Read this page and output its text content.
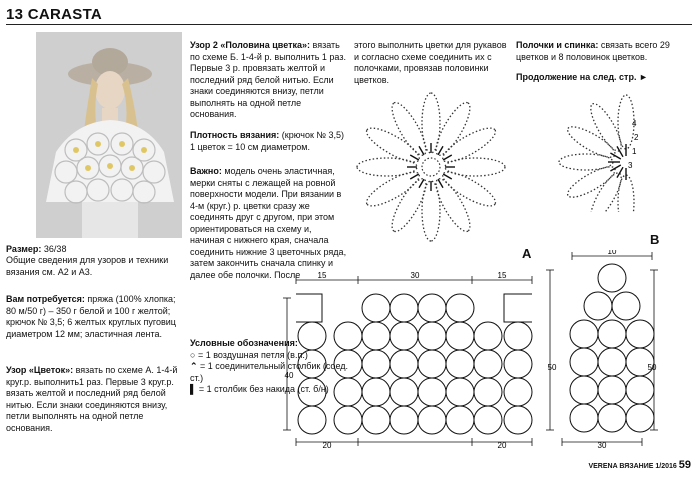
13 CARASTA
Размер: 36/38
Общие сведения для узоров и техники вязания см. А2 и А3.
Вам потребуется: пряжа (100% хлопка; 80 м/50 г) – 350 г белой и 100 г желтой; крючок № 3,5; 6 желтых круглых пуговиц диаметром 12 мм; эластичная лента.
Узор «Цветок»: вязать по схеме А. 1-4-й круг.р. выполнить1 раз. Первые 3 круг.р. вязать желтой и последний ряд белой нитью. Если знаки соединяются внизу, петли выполнять на одной петле основания.
Узор 2 «Половина цветка»: вязать по схеме Б. 1-4-й р. выполнить 1 раз. Первые 3 р. провязать желтой и последний ряд белой нитью. Если знаки соединяются внизу, петли выполнять на одной петле основания.
Плотность вязания: (крючок № 3,5) 1 цветок = 10 см диаметром.
Важно: модель очень эластичная, мерки сняты с лежащей на ровной поверхности модели. При вязании в 4-м (круг.) р. цветки сразу же соединять друг с другом, при этом ориентироваться на схему и, начиная с нижнего края, сначала соединить нижние 3 цветочных ряда, затем закончить сначала спинку и далее обе полочки. После
Условные обозначения:
○ = 1 воздушная петля (в.п.)
⌃ = 1 соединительный столбик (соед. ст.)
▌ = 1 столбик без накида (ст. б/н)
этого выполнить цветки для рукавов и согласно схеме соединить их с полочками, провязав половинки цветков.
Полочки и спинка: связать всего 29 цветков и 8 половинок цветков.
Продолжение на след. стр. ►
A
4
2
1
3
B
15	30	15
40
20	20
10
50	50
30
VERENA ВЯЗАНИЕ 1/2016 59
